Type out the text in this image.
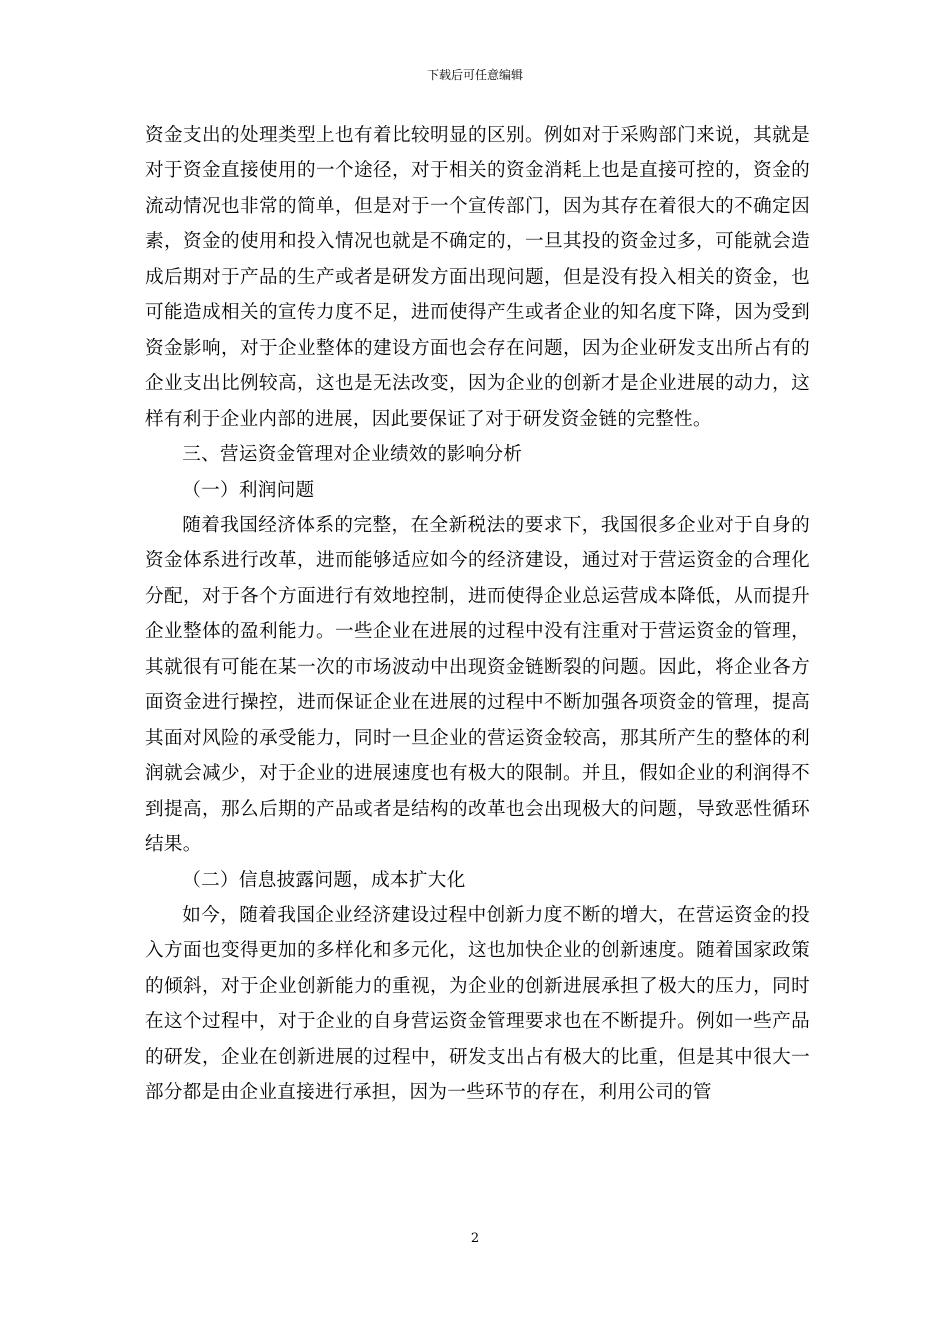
下载后可任意编辑

资金支出的处理类型上也有着比较明显的区别。例如对于采购部门来说，其就是对于资金直接使用的一个途径，对于相关的资金消耗上也是直接可控的，资金的流动情况也非常的简单，但是对于一个宣传部门，因为其存在着很大的不确定因素，资金的使用和投入情况也就是不确定的，一旦其投的资金过多，可能就会造成后期对于产品的生产或者是研发方面出现问题，但是没有投入相关的资金，也可能造成相关的宣传力度不足，进而使得产生或者企业的知名度下降，因为受到资金影响，对于企业整体的建设方面也会存在问题，因为企业研发支出所占有的企业支出比例较高，这也是无法改变，因为企业的创新才是企业进展的动力，这样有利于企业内部的进展，因此要保证了对于研发资金链的完整性。

三、营运资金管理对企业绩效的影响分析

（一）利润问题

随着我国经济体系的完整，在全新税法的要求下，我国很多企业对于自身的资金体系进行改革，进而能够适应如今的经济建设，通过对于营运资金的合理化分配，对于各个方面进行有效地控制，进而使得企业总运营成本降低，从而提升企业整体的盈利能力。一些企业在进展的过程中没有注重对于营运资金的管理，其就很有可能在某一次的市场波动中出现资金链断裂的问题。因此，将企业各方面资金进行操控，进而保证企业在进展的过程中不断加强各项资金的管理，提高其面对风险的承受能力，同时一旦企业的营运资金较高，那其所产生的整体的利润就会减少，对于企业的进展速度也有极大的限制。并且，假如企业的利润得不到提高，那么后期的产品或者是结构的改革也会出现极大的问题，导致恶性循环结果。

（二）信息披露问题，成本扩大化

如今，随着我国企业经济建设过程中创新力度不断的增大，在营运资金的投入方面也变得更加的多样化和多元化，这也加快企业的创新速度。随着国家政策的倾斜，对于企业创新能力的重视，为企业的创新进展承担了极大的压力，同时在这个过程中，对于企业的自身营运资金管理要求也在不断提升。例如一些产品的研发，企业在创新进展的过程中，研发支出占有极大的比重，但是其中很大一部分都是由企业直接进行承担，因为一些环节的存在，利用公司的管

2
